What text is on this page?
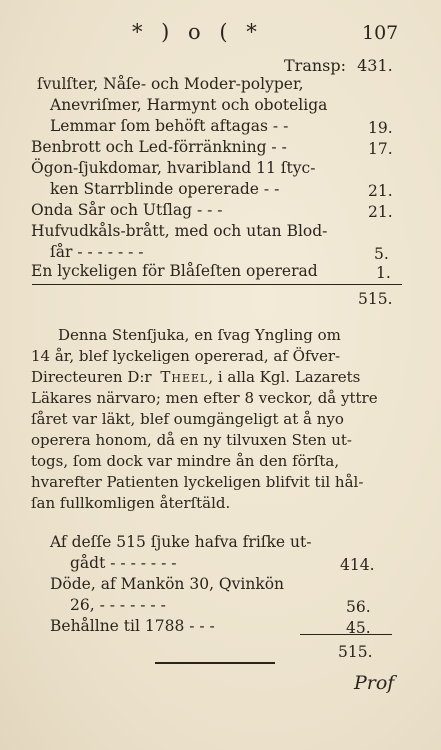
* ) o ( *	107
Transp: 431.
ſvulſter, Nåſe- och Moder-polyper,
Anevriſmer, Harmynt och oboteliga
Lemmar ſom behöft aftagas - -	19.
Benbrott och Led-förränkning - -	17.
Ögon-ſjukdomar, hvaribland 11 ſtyc-
ken Starrblinde opererade - -	21.
Onda Sår och Utſlag - - -	21.
Hufvudkåls-brått, med och utan Blod-
ſår - - - - - - -	5.
En lyckeligen för Blåſeſten opererad	1.
515.
Denna Stenſjuka, en ſvag Yngling om
14 år, blef lyckeligen opererad, af Öfver-
Directeuren D:r Theel, i alla Kgl. Lazarets
Läkares närvaro; men efter 8 veckor, då yttre
ſåret var läkt, blef oumgängeligt at å nyo
operera honom, då en ny tilvuxen Sten ut-
togs, ſom dock var mindre ån den förſta,
hvarefter Patienten lyckeligen blifvit til hål-
ſan fullkomligen återſtäld.
Af deſſe 515 ſjuke hafva friſke ut-
gådt - - - - - - -	414.
Döde, af Mankön 30, Qvinkön
26, - - - - - - -	56.
Behållne til 1788 - - -	45.
515.
Prof
